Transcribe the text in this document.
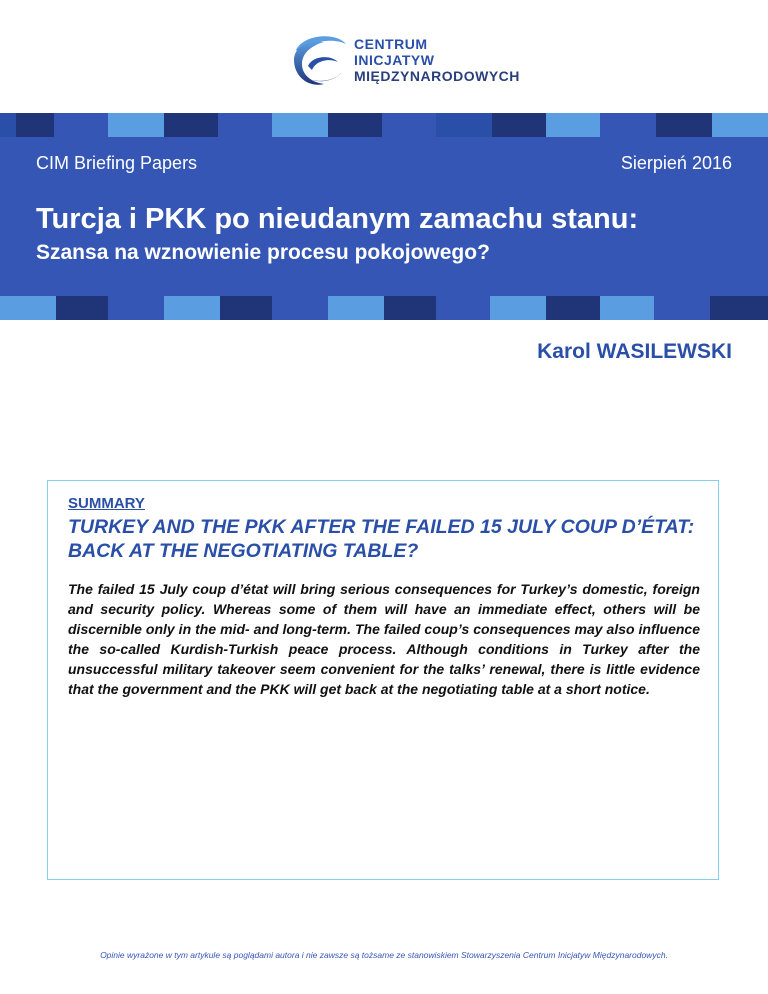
CENTRUM
INICJATYW
MIĘDZYNARODOWYCH
CIM Briefing Papers	Sierpień 2016
Turcja i PKK po nieudanym zamachu stanu:
Szansa na wznowienie procesu pokojowego?
Karol WASILEWSKI
SUMMARY
TURKEY AND THE PKK AFTER THE FAILED 15 JULY COUP D’ÉTAT: BACK AT THE NEGOTIATING TABLE?
The failed 15 July coup d’état will bring serious consequences for Turkey’s domestic, foreign and security policy. Whereas some of them will have an immediate effect, others will be discernible only in the mid- and long-term. The failed coup’s consequences may also influence the so-called Kurdish-Turkish peace process. Although conditions in Turkey after the unsuccessful military takeover seem convenient for the talks’ renewal, there is little evidence that the government and the PKK will get back at the negotiating table at a short notice.
Opinie wyrażone w tym artykule są poglądami autora i nie zawsze są tożsame ze stanowiskiem Stowarzyszenia Centrum Inicjatyw Międzynarodowych.
